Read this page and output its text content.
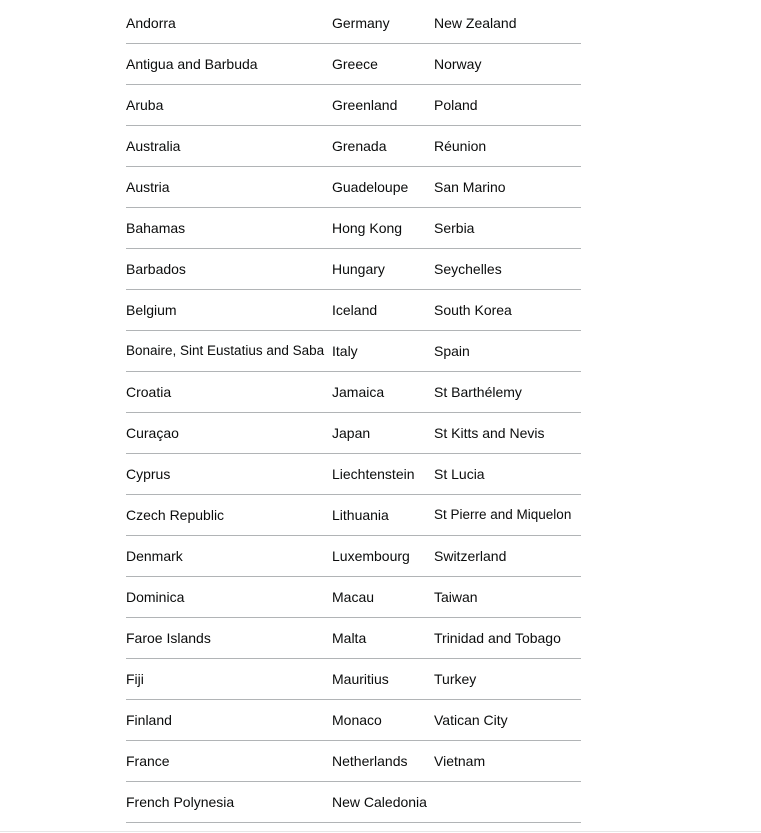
Andorra	Germany	New Zealand
Antigua and Barbuda	Greece	Norway
Aruba	Greenland	Poland
Australia	Grenada	Réunion
Austria	Guadeloupe	San Marino
Bahamas	Hong Kong	Serbia
Barbados	Hungary	Seychelles
Belgium	Iceland	South Korea
Bonaire, Sint Eustatius and Saba	Italy	Spain
Croatia	Jamaica	St Barthélemy
Curaçao	Japan	St Kitts and Nevis
Cyprus	Liechtenstein	St Lucia
Czech Republic	Lithuania	St Pierre and Miquelon
Denmark	Luxembourg	Switzerland
Dominica	Macau	Taiwan
Faroe Islands	Malta	Trinidad and Tobago
Fiji	Mauritius	Turkey
Finland	Monaco	Vatican City
France	Netherlands	Vietnam
French Polynesia	New Caledonia	
